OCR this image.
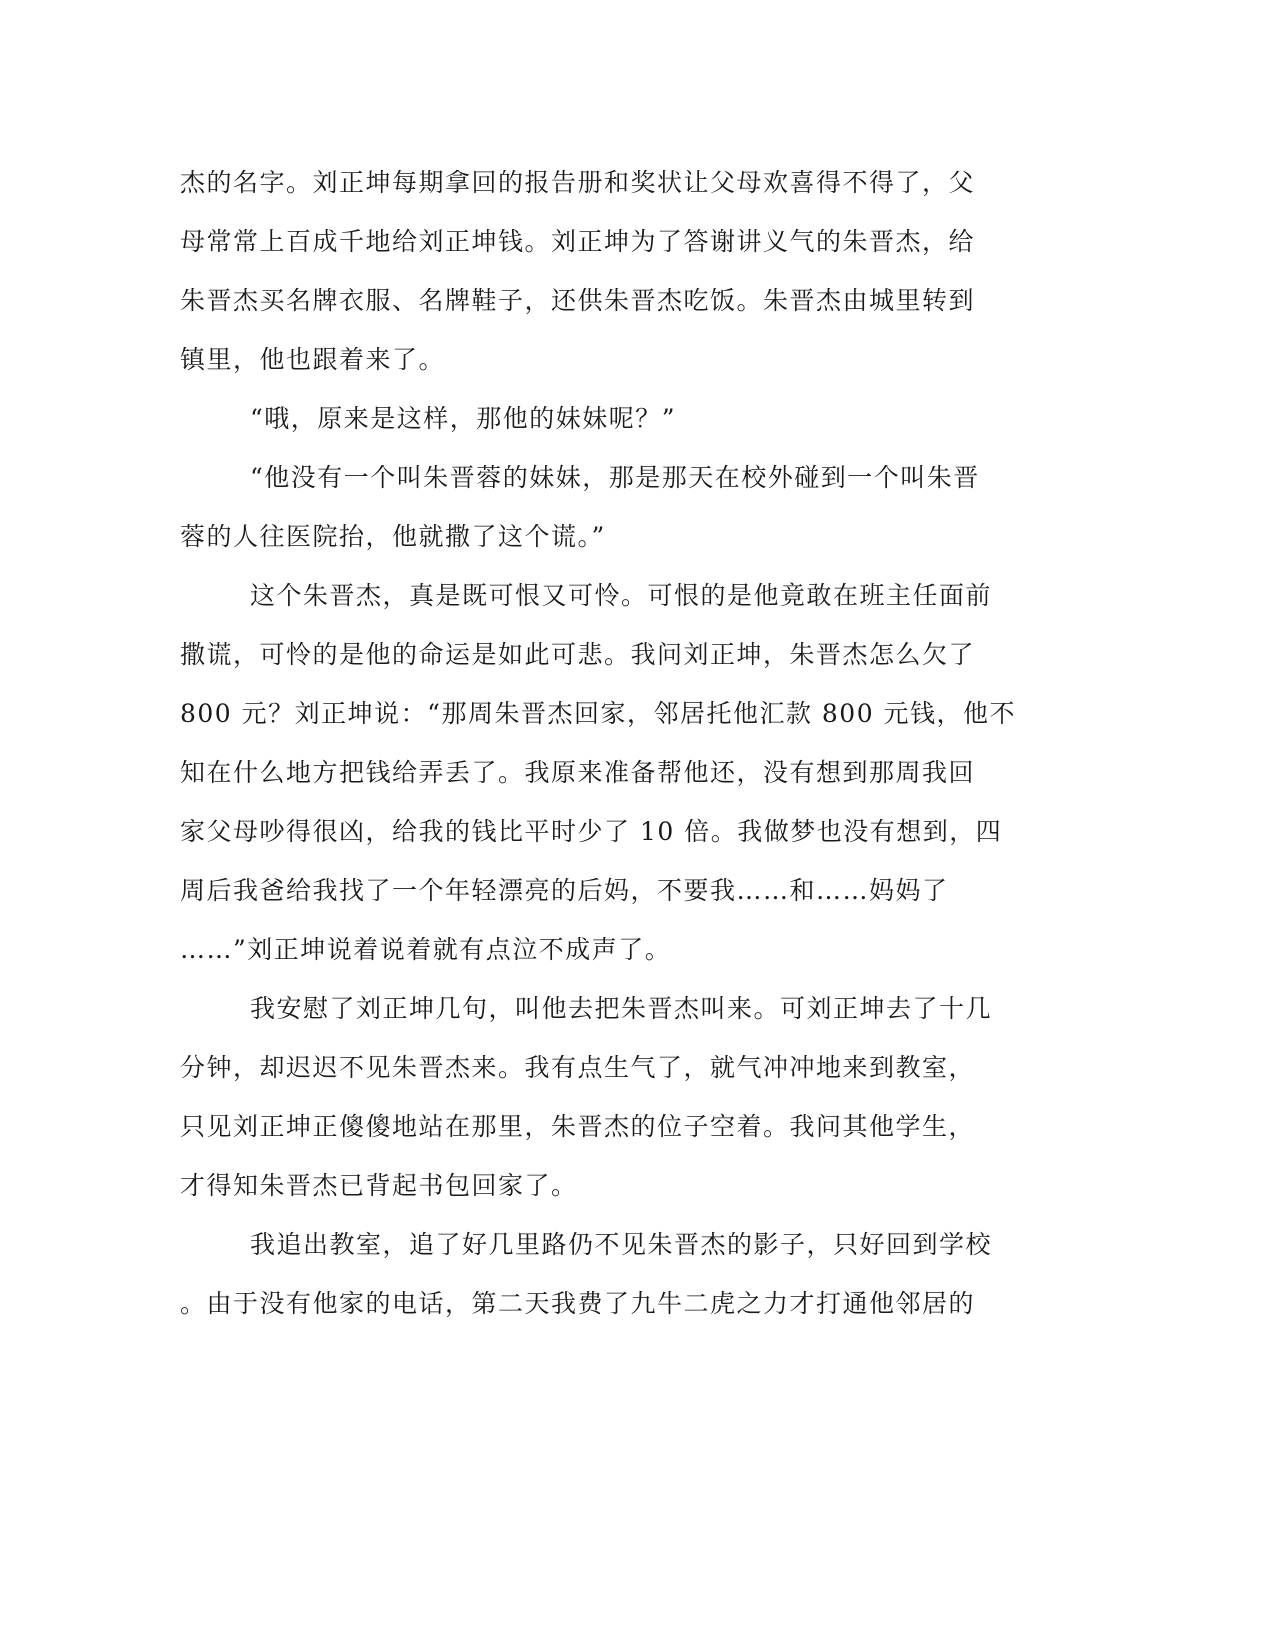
杰的名字。刘正坤每期拿回的报告册和奖状让父母欢喜得不得了，父
母常常上百成千地给刘正坤钱。刘正坤为了答谢讲义气的朱晋杰，给
朱晋杰买名牌衣服、名牌鞋子，还供朱晋杰吃饭。朱晋杰由城里转到
镇里，他也跟着来了。
“哦，原来是这样，那他的妹妹呢？”
“他没有一个叫朱晋蓉的妹妹，那是那天在校外碰到一个叫朱晋
蓉的人往医院抬，他就撒了这个谎。”
这个朱晋杰，真是既可恨又可怜。可恨的是他竟敢在班主任面前
撒谎，可怜的是他的命运是如此可悲。我问刘正坤，朱晋杰怎么欠了
800 元？刘正坤说：“那周朱晋杰回家，邻居托他汇款 800 元钱，他不
知在什么地方把钱给弄丢了。我原来准备帮他还，没有想到那周我回
家父母吵得很凶，给我的钱比平时少了 10 倍。我做梦也没有想到，四
周后我爸给我找了一个年轻漂亮的后妈，不要我……和……妈妈了
……”刘正坤说着说着就有点泣不成声了。
我安慰了刘正坤几句，叫他去把朱晋杰叫来。可刘正坤去了十几
分钟，却迟迟不见朱晋杰来。我有点生气了，就气冲冲地来到教室，
只见刘正坤正傻傻地站在那里，朱晋杰的位子空着。我问其他学生，
才得知朱晋杰已背起书包回家了。
我追出教室，追了好几里路仍不见朱晋杰的影子，只好回到学校
。由于没有他家的电话，第二天我费了九牛二虎之力才打通他邻居的
